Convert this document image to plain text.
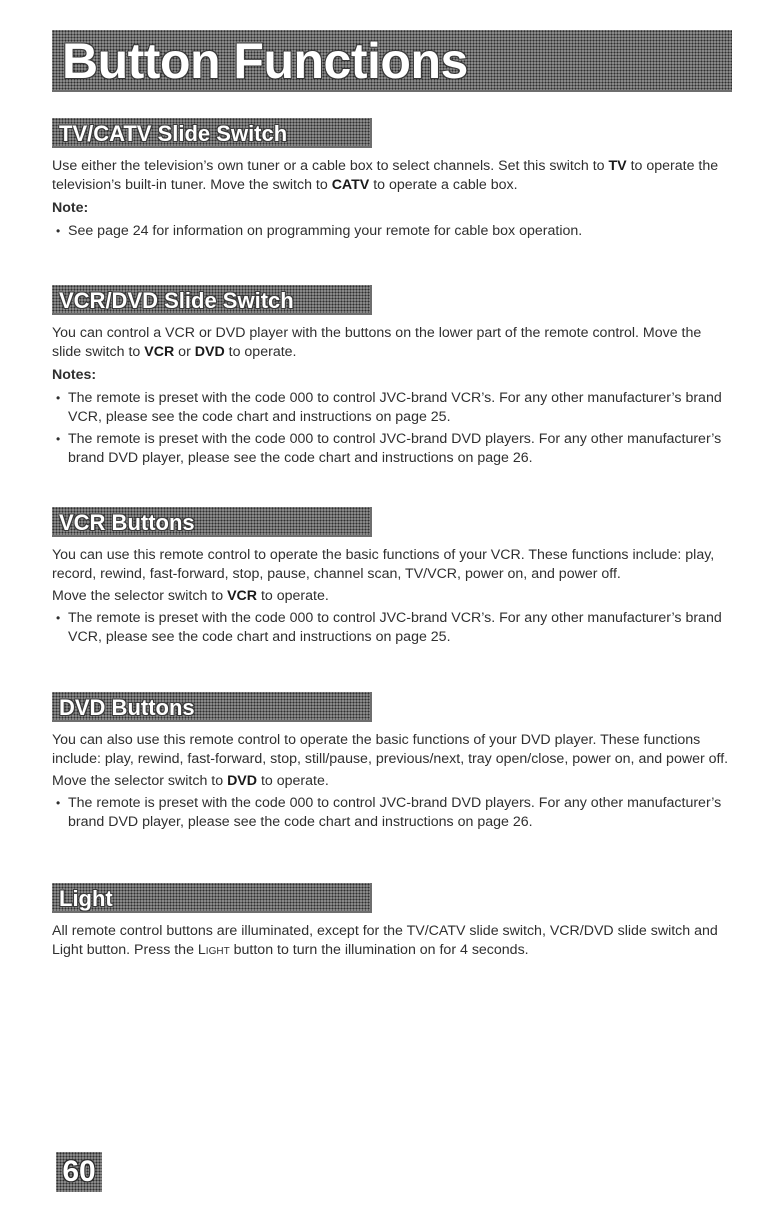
Button Functions
TV/CATV Slide Switch

Use either the television’s own tuner or a cable box to select channels. Set this switch to TV to operate the television’s built-in tuner. Move the switch to CATV to operate a cable box.

Note:
• See page 24 for information on programming your remote for cable box operation.
VCR/DVD Slide Switch

You can control a VCR or DVD player with the buttons on the lower part of the remote control. Move the slide switch to VCR or DVD to operate.

Notes:
• The remote is preset with the code 000 to control JVC-brand VCR’s. For any other manufacturer’s brand VCR, please see the code chart and instructions on page 25.
• The remote is preset with the code 000 to control JVC-brand DVD players. For any other manufacturer’s brand DVD player, please see the code chart and instructions on page 26.
VCR Buttons

You can use this remote control to operate the basic functions of your VCR. These functions include: play, record, rewind, fast-forward, stop, pause, channel scan, TV/VCR, power on, and power off.

Move the selector switch to VCR to operate.

• The remote is preset with the code 000 to control JVC-brand VCR’s. For any other manufacturer’s brand VCR, please see the code chart and instructions on page 25.
DVD Buttons

You can also use this remote control to operate the basic functions of your DVD player. These functions include: play, rewind, fast-forward, stop, still/pause, previous/next, tray open/close, power on, and power off.

Move the selector switch to DVD to operate.

• The remote is preset with the code 000 to control JVC-brand DVD players. For any other manufacturer’s brand DVD player, please see the code chart and instructions on page 26.
Light

All remote control buttons are illuminated, except for the TV/CATV slide switch, VCR/DVD slide switch and Light button. Press the Light button to turn the illumination on for 4 seconds.

60
